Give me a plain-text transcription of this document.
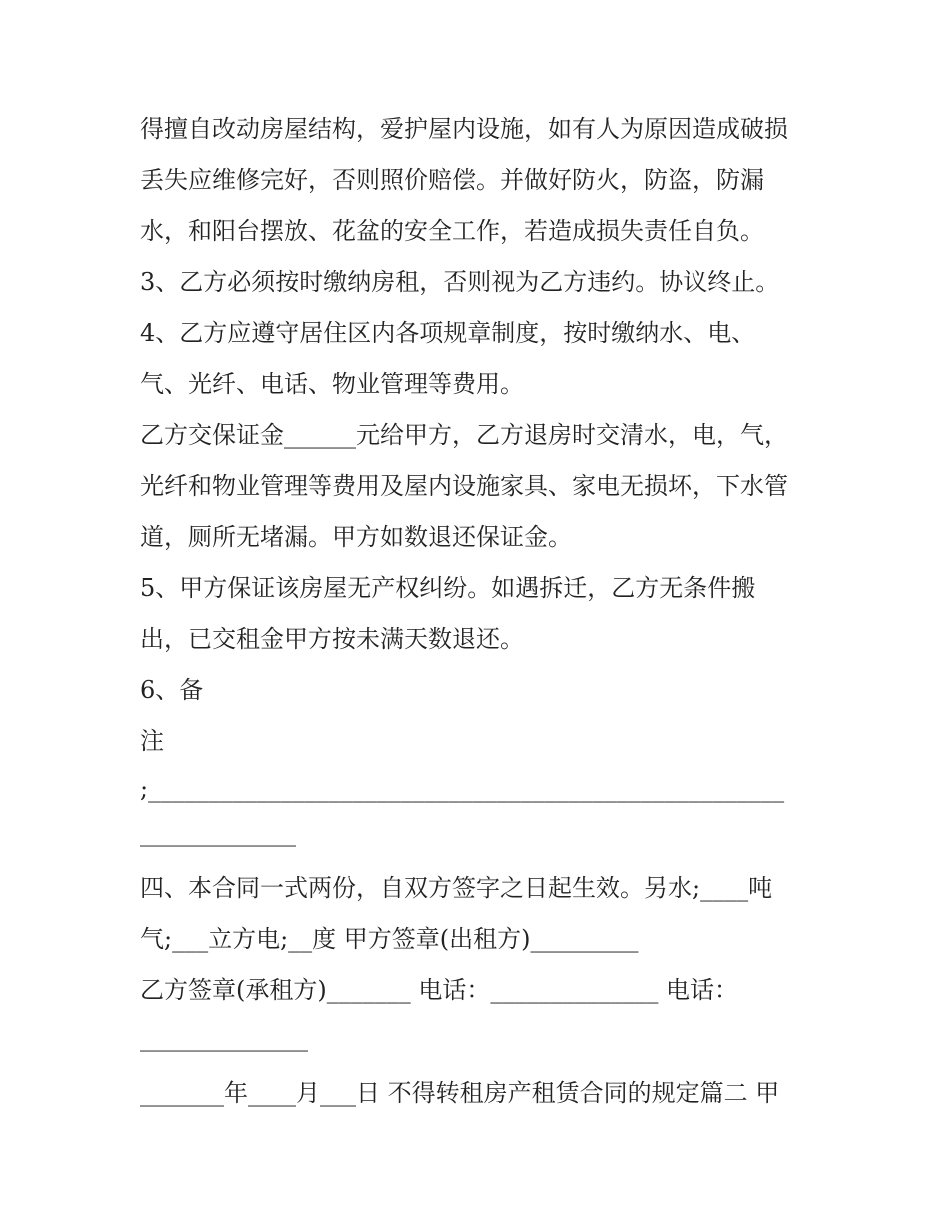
得擅自改动房屋结构，爱护屋内设施，如有人为原因造成破损

丢失应维修完好，否则照价赔偿。并做好防火，防盗，防漏

水，和阳台摆放、花盆的安全工作，若造成损失责任自负。

3、乙方必须按时缴纳房租，否则视为乙方违约。协议终止。

4、乙方应遵守居住区内各项规章制度，按时缴纳水、电、

气、光纤、电话、物业管理等费用。

乙方交保证金______元给甲方，乙方退房时交清水，电，气，

光纤和物业管理等费用及屋内设施家具、家电无损坏，下水管

道，厕所无堵漏。甲方如数退还保证金。

5、甲方保证该房屋无产权纠纷。如遇拆迁，乙方无条件搬

出，已交租金甲方按未满天数退还。

6、备

注

;_____________________________________________________

_____________

四、本合同一式两份，自双方签字之日起生效。另水;____吨

气;___立方电;__度 甲方签章(出租方)_________

乙方签章(承租方)_______ 电话：______________ 电话：

______________

_______年____月___日 不得转租房产租赁合同的规定篇二 甲
